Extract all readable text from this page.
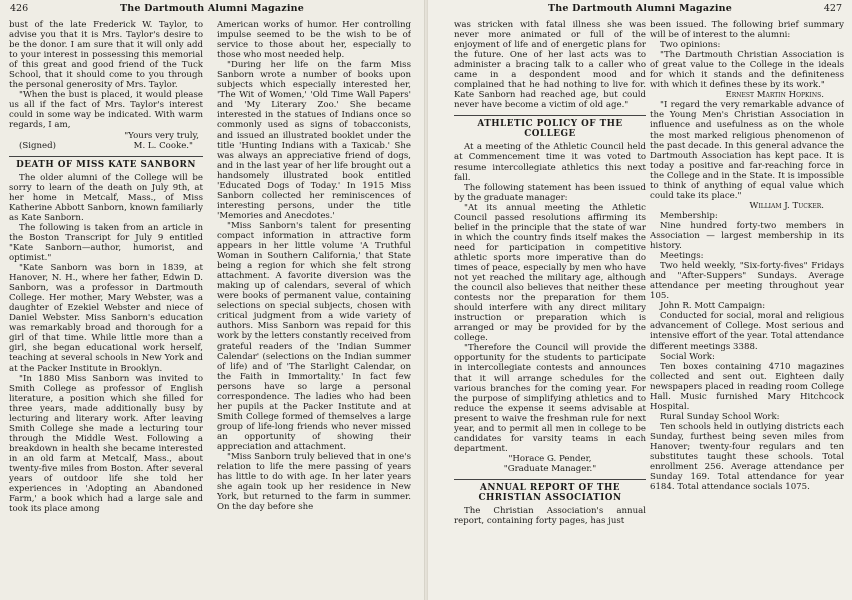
426	The Dartmouth Alumni Magazine

bust of the late Frederick W. Taylor, to advise you that it is Mrs. Taylor's desire to be the donor. I am sure that it will only add to your interest in possessing this memorial of this great and good friend of the Tuck School, that it should come to you through the personal generosity of Mrs. Taylor.

"When the bust is placed, it would please us all if the fact of Mrs. Taylor's interest could in some way be indicated. With warm regards, I am,

"Yours very truly,

(Signed)	M. L. Cooke."
DEATH OF MISS KATE SANBORN

The older alumni of the College will be sorry to learn of the death on July 9th, at her home in Metcalf, Mass., of Miss Katherine Abbott Sanborn, known familiarly as Kate Sanborn.

The following is taken from an article in the Boston Transcript for July 9 entitled "Kate Sanborn—author, humorist, and optimist."

"Kate Sanborn was born in 1839, at Hanover, N. H., where her father, Edwin D. Sanborn, was a professor in Dartmouth College. Her mother, Mary Webster, was a daughter of Ezekiel Webster and niece of Daniel Webster. Miss Sanborn's education was remarkably broad and thorough for a girl of that time. While little more than a girl, she began educational work herself, teaching at several schools in New York and at the Packer Institute in Brooklyn.

"In 1880 Miss Sanborn was invited to Smith College as professor of English literature, a position which she filled for three years, made additionally busy by lecturing and literary work. After leaving Smith College she made a lecturing tour through the Middle West. Following a breakdown in health she became interested in an old farm at Metcalf, Mass., about twenty-five miles from Boston. After several years of outdoor life she told her experiences in 'Adopting an Abandoned Farm,' a book which had a large sale and took its place among

American works of humor. Her controlling impulse seemed to be the wish to be of service to those about her, especially to those who most needed help.

"During her life on the farm Miss Sanborn wrote a number of books upon subjects which especially interested her, 'The Wit of Women,' 'Old Time Wall Papers' and 'My Literary Zoo.' She became interested in the statues of Indians once so commonly used as signs of tobacconists, and issued an illustrated booklet under the title 'Hunting Indians with a Taxicab.' She was always an appreciative friend of dogs, and in the last year of her life brought out a handsomely illustrated book entitled 'Educated Dogs of Today.' In 1915 Miss Sanborn collected her reminiscences of interesting persons, under the title 'Memories and Anecdotes.'

"Miss Sanborn's talent for presenting compact information in attractive form appears in her little volume 'A Truthful Woman in Southern California,' that State being a region for which she felt strong attachment. A favorite diversion was the making up of calendars, several of which were books of permanent value, containing selections on special subjects, chosen with critical judgment from a wide variety of authors. Miss Sanborn was repaid for this work by the letters constantly received from grateful readers of the 'Indian Summer Calendar' (selections on the Indian summer of life) and of 'The Starlight Calendar, on the Faith in Immortality.' In fact few persons have so large a personal correspondence. The ladies who had been her pupils at the Packer Institute and at Smith College formed of themselves a large group of life-long friends who never missed an opportunity of showing their appreciation and attachment.

"Miss Sanborn truly believed that in one's relation to life the mere passing of years has little to do with age. In her later years she again took up her residence in New York, but returned to the farm in summer. On the day before she

The Dartmouth Alumni Magazine	427

was stricken with fatal illness she was never more animated or full of the enjoyment of life and of energetic plans for the future. One of her last acts was to administer a bracing talk to a caller who came in a despondent mood and complained that he had nothing to live for. Kate Sanborn had reached age, but could never have become a victim of old age."

ATHLETIC POLICY OF THE COLLEGE

At a meeting of the Athletic Council held at Commencement time it was voted to resume intercollegiate athletics this next fall.

The following statement has been issued by the graduate manager:

"At its annual meeting the Athletic Council passed resolutions affirming its belief in the principle that the state of war in which the country finds itself makes the need for participation in competitive athletic sports more imperative than do times of peace, especially by men who have not yet reached the military age, although the council also believes that neither these contests nor the preparation for them should interfere with any direct military instruction or preparation which is arranged or may be provided for by the college.

"Therefore the Council will provide the opportunity for the students to participate in intercollegiate contests and announces that it will arrange schedules for the various branches for the coming year. For the purpose of simplifying athletics and to reduce the expense it seems advisable at present to waive the freshman rule for next year, and to permit all men in college to be candidates for varsity teams in each department.

"Horace G. Pender,

"Graduate Manager."

ANNUAL REPORT OF THE CHRISTIAN ASSOCIATION

The Christian Association's annual report, containing forty pages, has just

been issued. The following brief summary will be of interest to the alumni:

Two opinions:

"The Dartmouth Christian Association is of great value to the College in the ideals for which it stands and the definiteness with which it defines these by its work."

Ernest Martin Hopkins.

"I regard the very remarkable advance of the Young Men's Christian Association in influence and usefulness as on the whole the most marked religious phenomenon of the past decade. In this general advance the Dartmouth Association has kept pace. It is today a positive and far-reaching force in the College and in the State. It is impossible to think of anything of equal value which could take its place."

William J. Tucker.

Membership:

Nine hundred forty-two members in Association — largest membership in its history.

Meetings:

Two held weekly, "Six-forty-fives" Fridays and "After-Suppers" Sundays. Average attendance per meeting throughout year 105.

John R. Mott Campaign:

Conducted for social, moral and religious advancement of College. Most serious and intensive effort of the year. Total attendance different meetings 3388.

Social Work:

Ten boxes containing 4710 magazines collected and sent out. Eighteen daily newspapers placed in reading room College Hall. Music furnished Mary Hitchcock Hospital.

Rural Sunday School Work:

Ten schools held in outlying districts each Sunday, furthest being seven miles from Hanover; twenty-four regulars and ten substitutes taught these schools. Total enrollment 256. Average attendance per Sunday 169. Total attendance for year 6184. Total attendance socials 1075.
